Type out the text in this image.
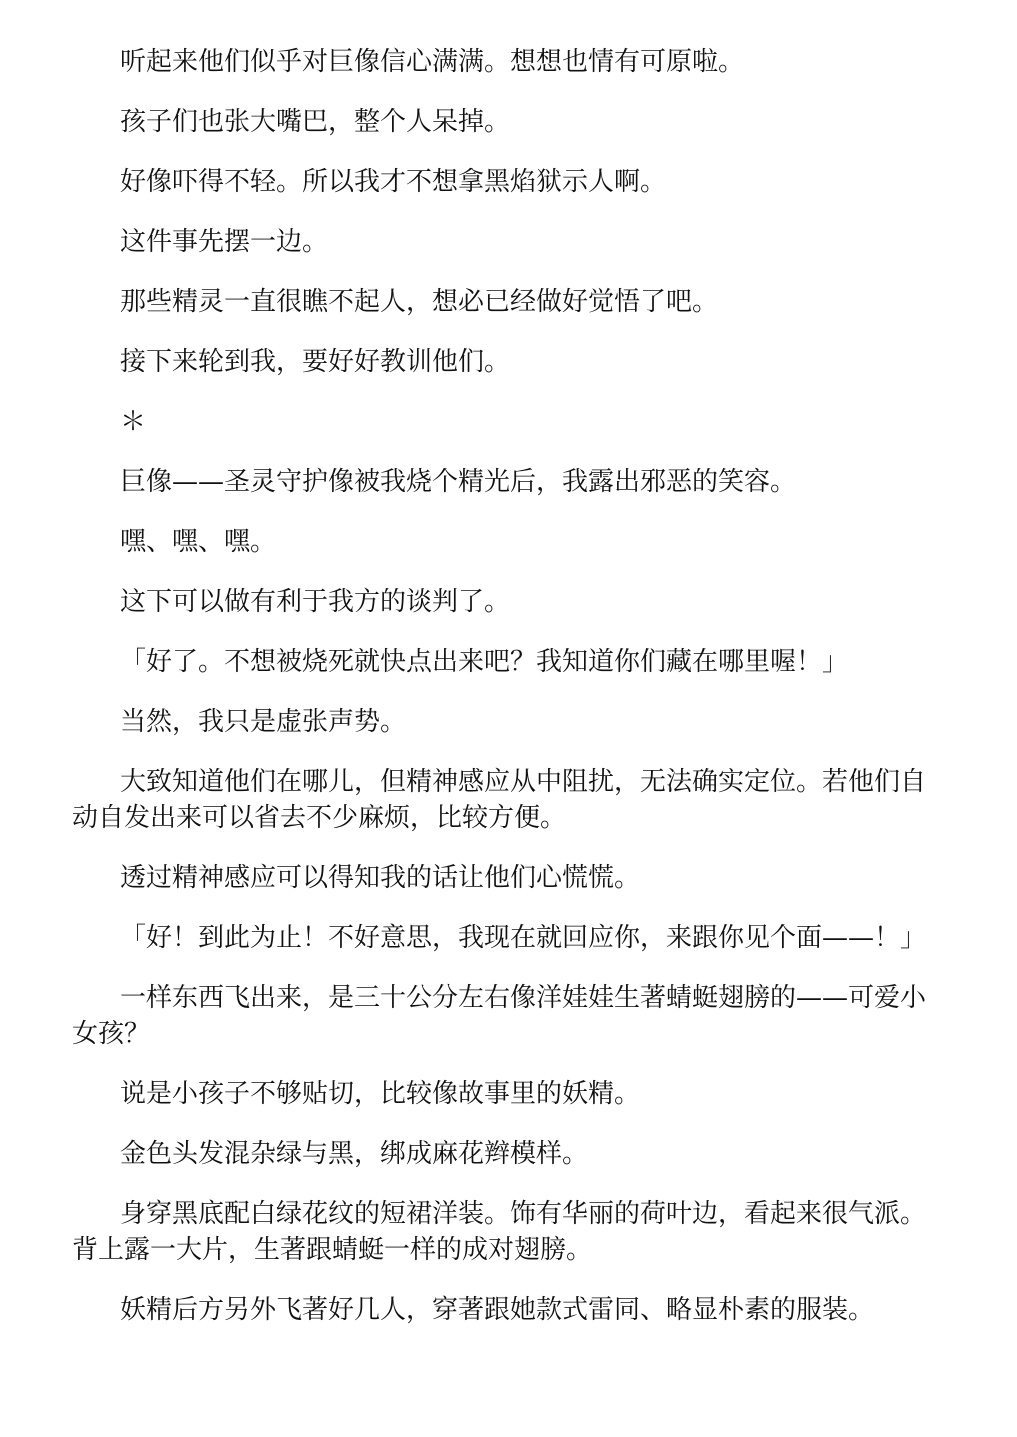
听起来他们似乎对巨像信心满满。想想也情有可原啦。

孩子们也张大嘴巴，整个人呆掉。

好像吓得不轻。所以我才不想拿黑焰狱示人啊。

这件事先摆一边。

那些精灵一直很瞧不起人，想必已经做好觉悟了吧。

接下来轮到我，要好好教训他们。

＊

巨像——圣灵守护像被我烧个精光后，我露出邪恶的笑容。

嘿、嘿、嘿。

这下可以做有利于我方的谈判了。

「好了。不想被烧死就快点出来吧？我知道你们藏在哪里喔！」

当然，我只是虚张声势。

大致知道他们在哪儿，但精神感应从中阻扰，无法确实定位。若他们自动自发出来可以省去不少麻烦，比较方便。

透过精神感应可以得知我的话让他们心慌慌。

「好！到此为止！不好意思，我现在就回应你，来跟你见个面——！」

一样东西飞出来，是三十公分左右像洋娃娃生著蜻蜓翅膀的——可爱小女孩？

说是小孩子不够贴切，比较像故事里的妖精。

金色头发混杂绿与黑，绑成麻花辫模样。

身穿黑底配白绿花纹的短裙洋装。饰有华丽的荷叶边，看起来很气派。背上露一大片，生著跟蜻蜓一样的成对翅膀。

妖精后方另外飞著好几人，穿著跟她款式雷同、略显朴素的服装。
